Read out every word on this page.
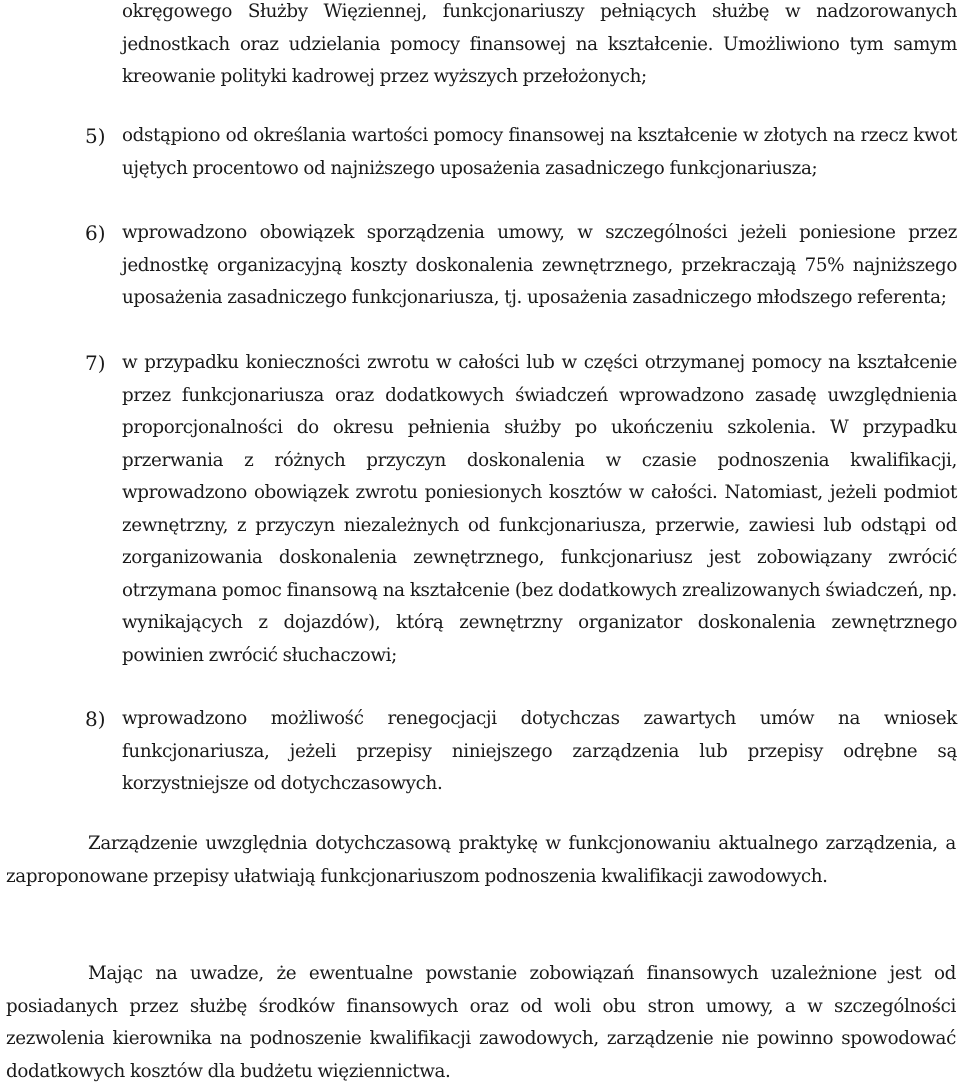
okręgowego Służby Więziennej, funkcjonariuszy pełniących służbę w nadzorowanych jednostkach oraz udzielania pomocy finansowej na kształcenie. Umożliwiono tym samym kreowanie polityki kadrowej przez wyższych przełożonych;
5) odstąpiono od określania wartości pomocy finansowej na kształcenie w złotych na rzecz kwot ujętych procentowo od najniższego uposażenia zasadniczego funkcjonariusza;
6) wprowadzono obowiązek sporządzenia umowy, w szczególności jeżeli poniesione przez jednostkę organizacyjną koszty doskonalenia zewnętrznego, przekraczają 75% najniższego uposażenia zasadniczego funkcjonariusza, tj. uposażenia zasadniczego młodszego referenta;
7) w przypadku konieczności zwrotu w całości lub w części otrzymanej pomocy na kształcenie przez funkcjonariusza oraz dodatkowych świadczeń wprowadzono zasadę uwzględnienia proporcjonalności do okresu pełnienia służby po ukończeniu szkolenia. W przypadku przerwania z różnych przyczyn doskonalenia w czasie podnoszenia kwalifikacji, wprowadzono obowiązek zwrotu poniesionych kosztów w całości. Natomiast, jeżeli podmiot zewnętrzny, z przyczyn niezależnych od funkcjonariusza, przerwie, zawiesi lub odstąpi od zorganizowania doskonalenia zewnętrznego, funkcjonariusz jest zobowiązany zwrócić otrzymana pomoc finansową na kształcenie (bez dodatkowych zrealizowanych świadczeń, np. wynikających z dojazdów), którą zewnętrzny organizator doskonalenia zewnętrznego powinien zwrócić słuchaczowi;
8) wprowadzono możliwość renegocjacji dotychczas zawartych umów na wniosek funkcjonariusza, jeżeli przepisy niniejszego zarządzenia lub przepisy odrębne są korzystniejsze od dotychczasowych.
Zarządzenie uwzględnia dotychczasową praktykę w funkcjonowaniu aktualnego zarządzenia, a zaproponowane przepisy ułatwiają funkcjonariuszom podnoszenia kwalifikacji zawodowych.
Mając na uwadze, że ewentualne powstanie zobowiązań finansowych uzależnione jest od posiadanych przez służbę środków finansowych oraz od woli obu stron umowy, a w szczególności zezwolenia kierownika na podnoszenie kwalifikacji zawodowych, zarządzenie nie powinno spowodować dodatkowych kosztów dla budżetu więziennictwa.
